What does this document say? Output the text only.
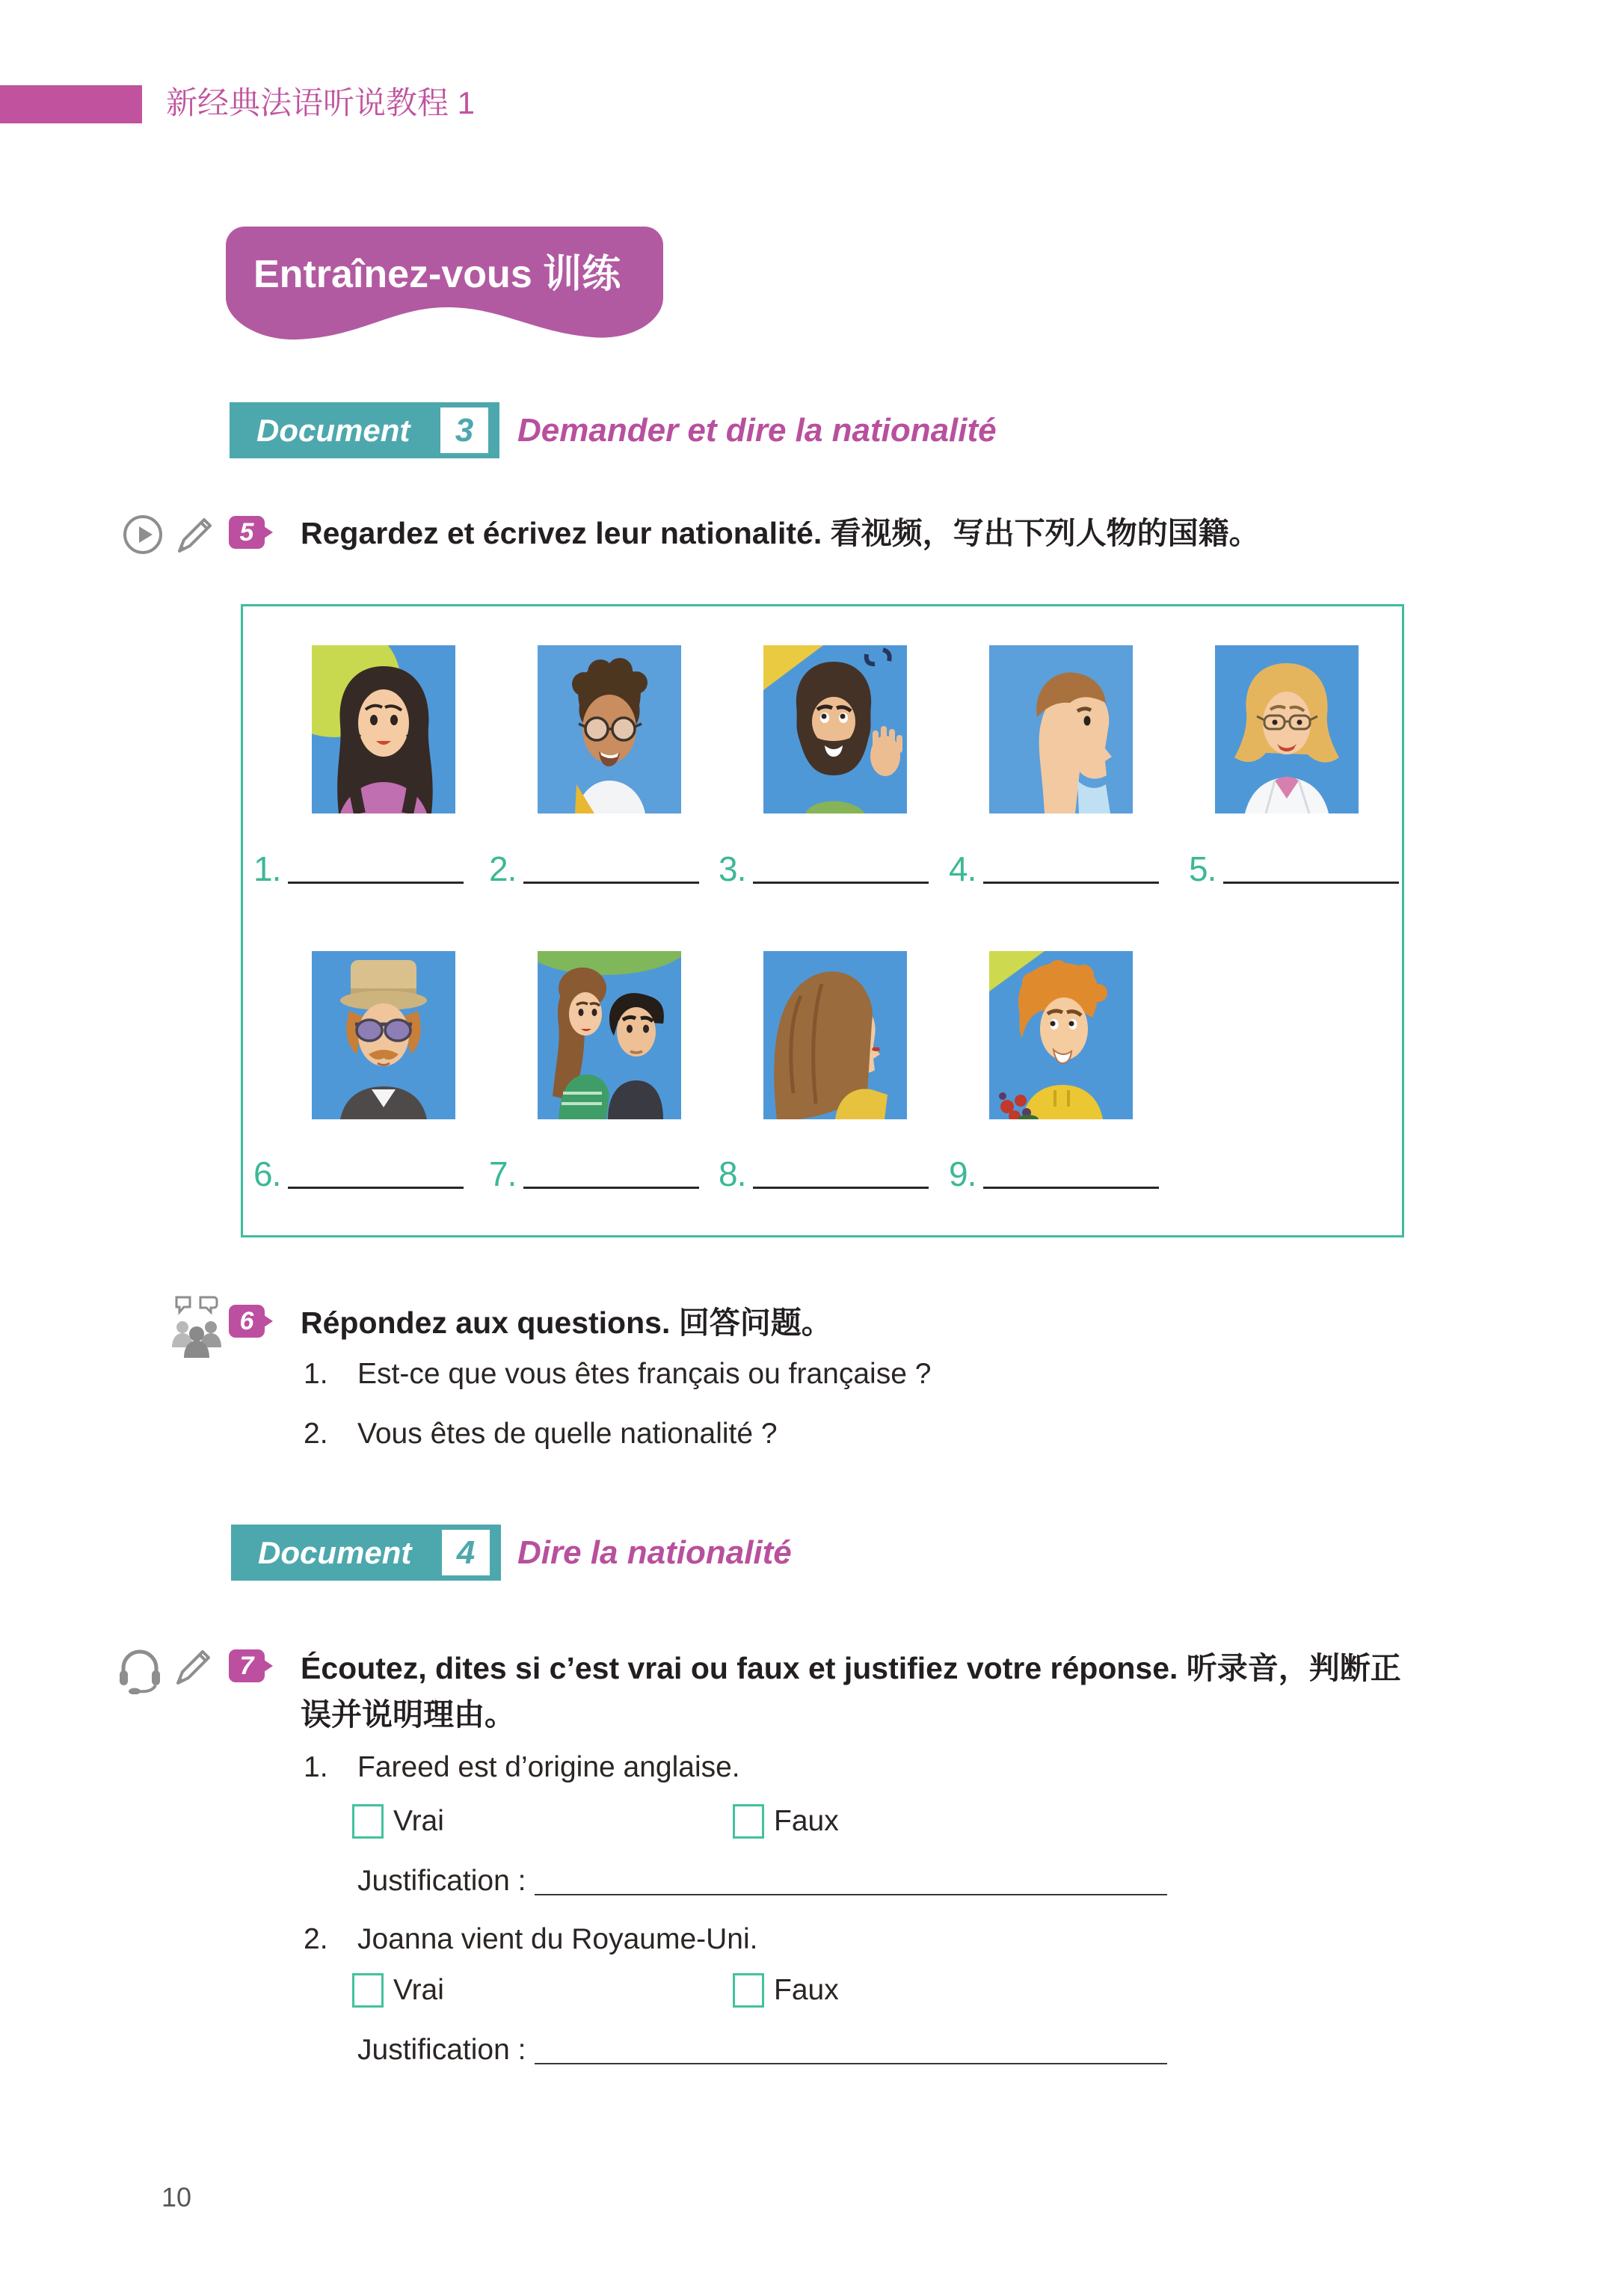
新经典法语听说教程 1
Entraînez-vous 训练
Document	3 Demander et dire la nationalité
5 Regardez et écrivez leur nationalité. 看视频，写出下列人物的国籍。
1.	2.	3.	4.	5.
6.	7.	8.	9.
6 Répondez aux questions. 回答问题。
1.	Est-ce que vous êtes français ou française ?
2.	Vous êtes de quelle nationalité ?
Document	4 Dire la nationalité
7 Écoutez, dites si c’est vrai ou faux et justifiez votre réponse. 听录音，判断正误并说明理由。
1.	Fareed est d’origine anglaise.
Vrai	Faux
Justification :
2.	Joanna vient du Royaume-Uni.
Vrai	Faux
Justification :
10
